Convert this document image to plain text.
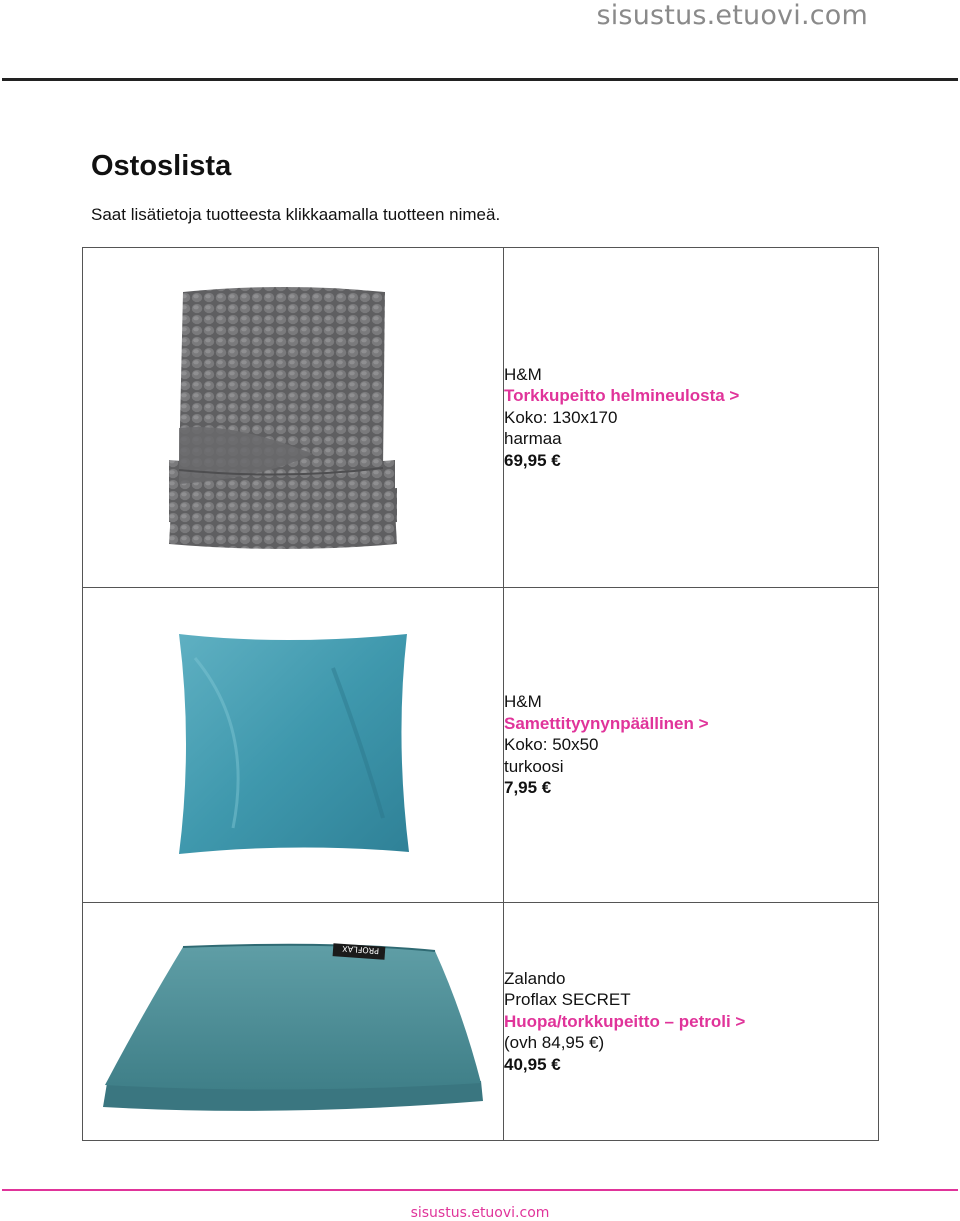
sisustus.etuovi.com
Ostoslista
Saat lisätietoja tuotteesta klikkaamalla tuotteen nimeä.

H&M
Torkkupeitto helmineulosta >
Koko: 130x170
harmaa
69,95 €

H&M
Samettityynynpäällinen >
Koko: 50x50
turkoosi
7,95 €

PROFLAX	Zalando
Proflax SECRET
Huopa/torkkupeitto – petroli >
(ovh 84,95 €)
40,95 €
sisustus.etuovi.com
